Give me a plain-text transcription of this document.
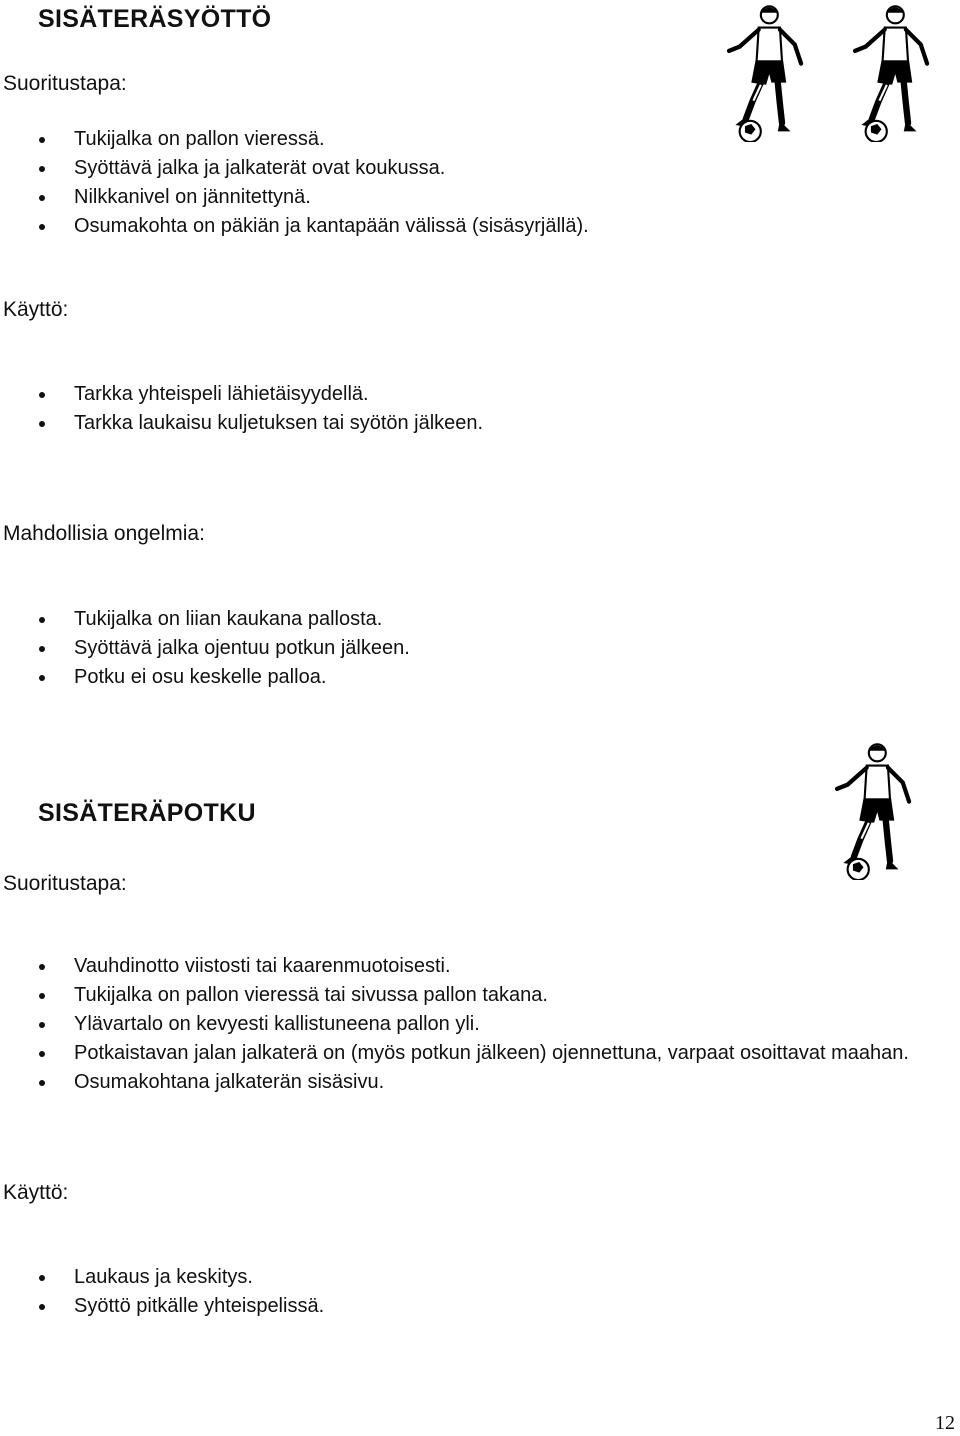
SISÄTERÄSYÖTTÖ

Suoritustapa:

Tukijalka on pallon vieressä.
Syöttävä jalka ja jalkaterät ovat koukussa.
Nilkkanivel on jännitettynä.
Osumakohta on päkiän ja kantapään välissä (sisäsyrjällä).

Käyttö:

Tarkka yhteispeli lähietäisyydellä.
Tarkka laukaisu kuljetuksen tai syötön jälkeen.

Mahdollisia ongelmia:

Tukijalka on liian kaukana pallosta.
Syöttävä jalka ojentuu potkun jälkeen.
Potku ei osu keskelle palloa.
SISÄTERÄPOTKU

Suoritustapa:

Vauhdinotto viistosti tai kaarenmuotoisesti.
Tukijalka on pallon vieressä tai sivussa pallon takana.
Ylävartalo on kevyesti kallistuneena pallon yli.
Potkaistavan jalan jalkaterä on (myös potkun jälkeen) ojennettuna, varpaat osoittavat maahan.
Osumakohtana jalkaterän sisäsivu.

Käyttö:

Laukaus ja keskitys.
Syöttö pitkälle yhteispelissä.

12
